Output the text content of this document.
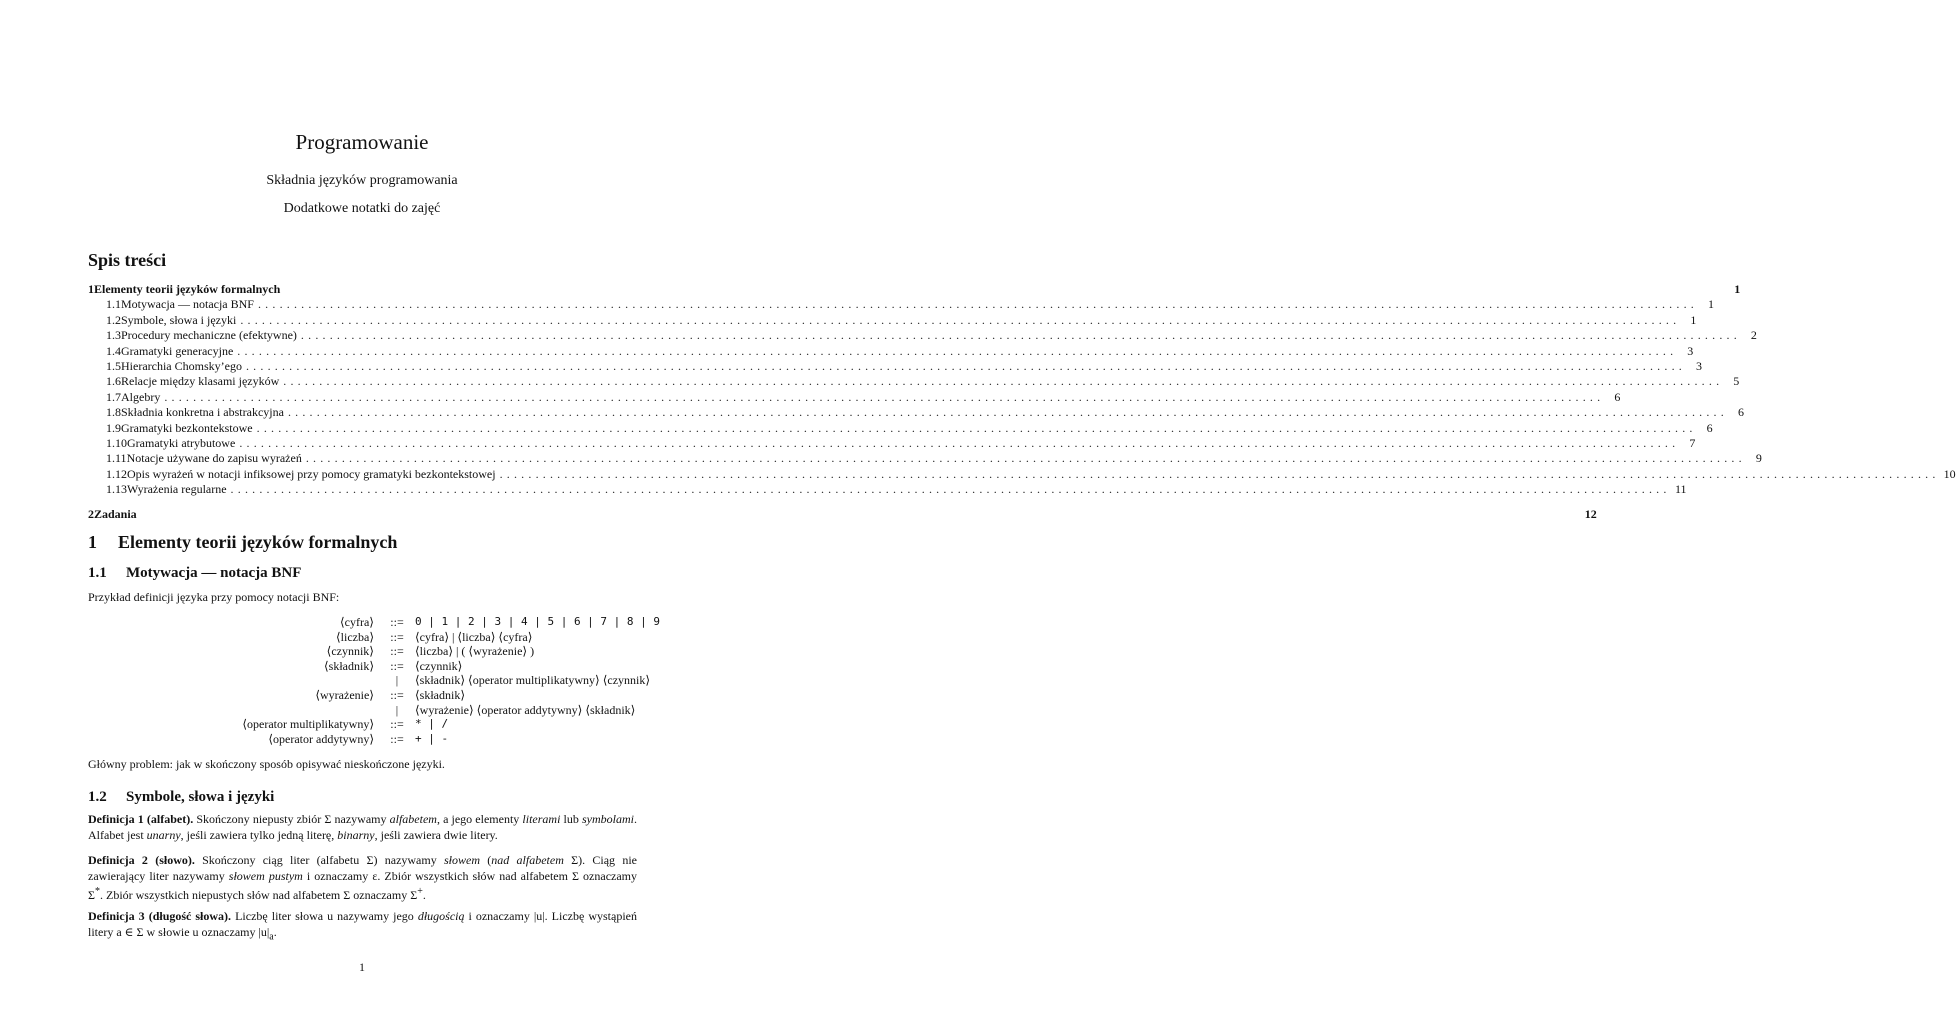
Programowanie
Składnia języków programowania
Dodatkowe notatki do zajęć
Spis treści
1 Elementy teorii języków formalnych	1
1.1 Motywacja — notacja BNF ........................................................................................................................................................................................................ 1
1.2 Symbole, słowa i języki ........................................................................................................................................................................................................ 1
1.3 Procedury mechaniczne (efektywne) ........................................................................................................................................................................................................ 2
1.4 Gramatyki generacyjne ........................................................................................................................................................................................................ 3
1.5 Hierarchia Chomsky’ego ........................................................................................................................................................................................................ 3
1.6 Relacje między klasami języków ........................................................................................................................................................................................................ 5
1.7 Algebry ........................................................................................................................................................................................................ 6
1.8 Składnia konkretna i abstrakcyjna ........................................................................................................................................................................................................ 6
1.9 Gramatyki bezkontekstowe ........................................................................................................................................................................................................ 6
1.10 Gramatyki atrybutowe ........................................................................................................................................................................................................ 7
1.11 Notacje używane do zapisu wyrażeń ........................................................................................................................................................................................................ 9
1.12 Opis wyrażeń w notacji infiksowej przy pomocy gramatyki bezkontekstowej ........................................................................................................................................................................................................ 10
1.13 Wyrażenia regularne ........................................................................................................................................................................................................ 11
2 Zadania	12
1 Elementy teorii języków formalnych
1.1 Motywacja — notacja BNF
Przykład definicji języka przy pomocy notacji BNF:
⟨cyfra⟩	::=	0 | 1 | 2 | 3 | 4 | 5 | 6 | 7 | 8 | 9
⟨liczba⟩	::= ⟨cyfra⟩ | ⟨liczba⟩ ⟨cyfra⟩
⟨czynnik⟩	::= ⟨liczba⟩ | ( ⟨wyrażenie⟩ )
⟨składnik⟩	::= ⟨czynnik⟩
|	⟨składnik⟩ ⟨operator multiplikatywny⟩ ⟨czynnik⟩
⟨wyrażenie⟩	::= ⟨składnik⟩
|	⟨wyrażenie⟩ ⟨operator addytywny⟩ ⟨składnik⟩
⟨operator multiplikatywny⟩	::=	* | /
⟨operator addytywny⟩	::=	+ | -
Główny problem: jak w skończony sposób opisywać nieskończone języki.
1.2 Symbole, słowa i języki
Definicja 1 (alfabet). Skończony niepusty zbiór Σ nazywamy alfabetem, a jego elementy literami lub symbolami. Alfabet jest unarny, jeśli zawiera tylko jedną literę, binarny, jeśli zawiera dwie litery.
Definicja 2 (słowo). Skończony ciąg liter (alfabetu Σ) nazywamy słowem (nad alfabetem Σ). Ciąg nie zawierający liter nazywamy słowem pustym i oznaczamy ε. Zbiór wszystkich słów nad alfabetem Σ oznaczamy Σ*. Zbiór wszystkich niepustych słów nad alfabetem Σ oznaczamy Σ+.
Definicja 3 (długość słowa). Liczbę liter słowa u nazywamy jego długością i oznaczamy |u|. Liczbę wystąpień litery a ∈ Σ w słowie u oznaczamy $|u|_a$.
1
